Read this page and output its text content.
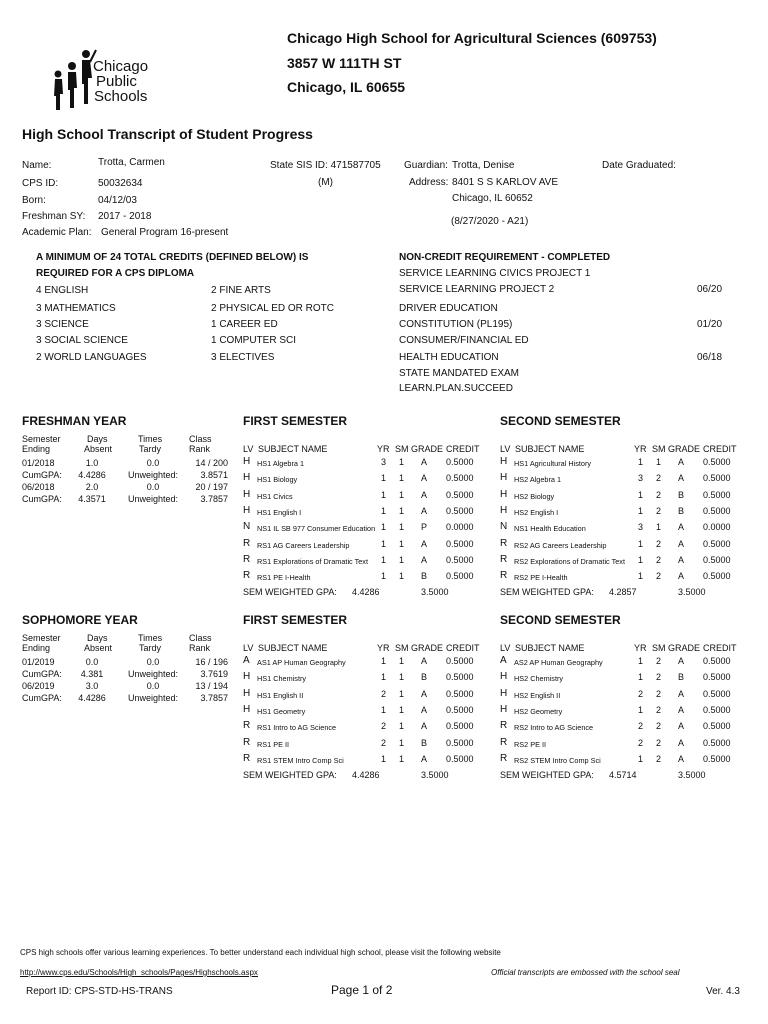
Chicago
Public
Schools
Chicago High School for Agricultural Sciences (609753)
3857 W 111TH ST
Chicago, IL 60655
High School Transcript of Student Progress
Name:	Trotta, Carmen
CPS ID:	50032634
Born:	04/12/03
Freshman SY: 2017 - 2018
Academic Plan: General Program 16-present
State SIS ID: 471587705
(M)
Guardian: Trotta, Denise
Address: 8401 S S KARLOV AVE
Chicago, IL 60652
(8/27/2020 - A21)
Date Graduated:
A MINIMUM OF 24 TOTAL CREDITS (DEFINED BELOW) IS
REQUIRED FOR A CPS DIPLOMA
4 ENGLISH
3 MATHEMATICS
3 SCIENCE
3 SOCIAL SCIENCE
2 WORLD LANGUAGES
2 FINE ARTS
2 PHYSICAL ED OR ROTC
1 CAREER ED
1 COMPUTER SCI
3 ELECTIVES
NON-CREDIT REQUIREMENT - COMPLETED
SERVICE LEARNING CIVICS PROJECT 1
SERVICE LEARNING PROJECT 2	06/20
DRIVER EDUCATION
CONSTITUTION (PL195)	01/20
CONSUMER/FINANCIAL ED
HEALTH EDUCATION	06/18
STATE MANDATED EXAM
LEARN.PLAN.SUCCEED
FRESHMAN YEAR	FIRST SEMESTER	SECOND SEMESTER
Semester
Ending
Days
Absent
Times
Tardy
Class
Rank
01/2018	1.0	0.0	14 / 200
CumGPA:	4.4286	Unweighted:	3.8571
06/2018	2.0	0.0	20 / 197
CumGPA:	4.3571	Unweighted:	3.7857
LV SUBJECT NAME	YR SM GRADE CREDIT
H HS1 Algebra 1	3 1 A 0.5000
H HS1 Biology	1 1 A 0.5000
H HS1 Civics	1 1 A 0.5000
H HS1 English I	1 1 A 0.5000
N NS1 IL SB 977 Consumer Education 1 1 P 0.0000
R RS1 AG Careers Leadership	1 1 A 0.5000
R RS1 Explorations of Dramatic Text 1 1 A 0.5000
R RS1 PE I-Health	1 1 B 0.5000
SEM WEIGHTED GPA: 4.4286	3.5000
LV SUBJECT NAME	YR SM GRADE CREDIT
H HS1 Agricultural History	1 1 A 0.5000
H HS2 Algebra 1	3 2 A 0.5000
H HS2 Biology	1 2 B 0.5000
H HS2 English I	1 2 B 0.5000
N NS1 Health Education	3 1 A 0.0000
R RS2 AG Careers Leadership	1 2 A 0.5000
R RS2 Explorations of Dramatic Text 1 2 A 0.5000
R RS2 PE I-Health	1 2 A 0.5000
SEM WEIGHTED GPA: 4.2857	3.5000
SOPHOMORE YEAR	FIRST SEMESTER	SECOND SEMESTER
Semester
Ending
Days
Absent
Times
Tardy
Class
Rank
01/2019	0.0	0.0	16 / 196
CumGPA:	4.381	Unweighted:	3.7619
06/2019	3.0	0.0	13 / 194
CumGPA:	4.4286	Unweighted:	3.7857
LV SUBJECT NAME	YR SM GRADE CREDIT
A AS1 AP Human Geography	1 1 A 0.5000
H HS1 Chemistry	1 1 B 0.5000
H HS1 English II	2 1 A 0.5000
H HS1 Geometry	1 1 A 0.5000
R RS1 Intro to AG Science	2 1 A 0.5000
R RS1 PE II	2 1 B 0.5000
R RS1 STEM Intro Comp Sci	1 1 A 0.5000
SEM WEIGHTED GPA: 4.4286	3.5000
LV SUBJECT NAME	YR SM GRADE CREDIT
A AS2 AP Human Geography	1 2 A 0.5000
H HS2 Chemistry	1 2 B 0.5000
H HS2 English II	2 2 A 0.5000
H HS2 Geometry	1 2 A 0.5000
R RS2 Intro to AG Science	2 2 A 0.5000
R RS2 PE II	2 2 A 0.5000
R RS2 STEM Intro Comp Sci	1 2 A 0.5000
SEM WEIGHTED GPA: 4.5714	3.5000
CPS high schools offer various learning experiences. To better understand each individual high school, please visit the following website
http://www.cps.edu/Schools/High_schools/Pages/Highschools.aspx	Official transcripts are embossed with the school seal
Report ID: CPS-STD-HS-TRANS	Page 1 of 2	Ver. 4.3
